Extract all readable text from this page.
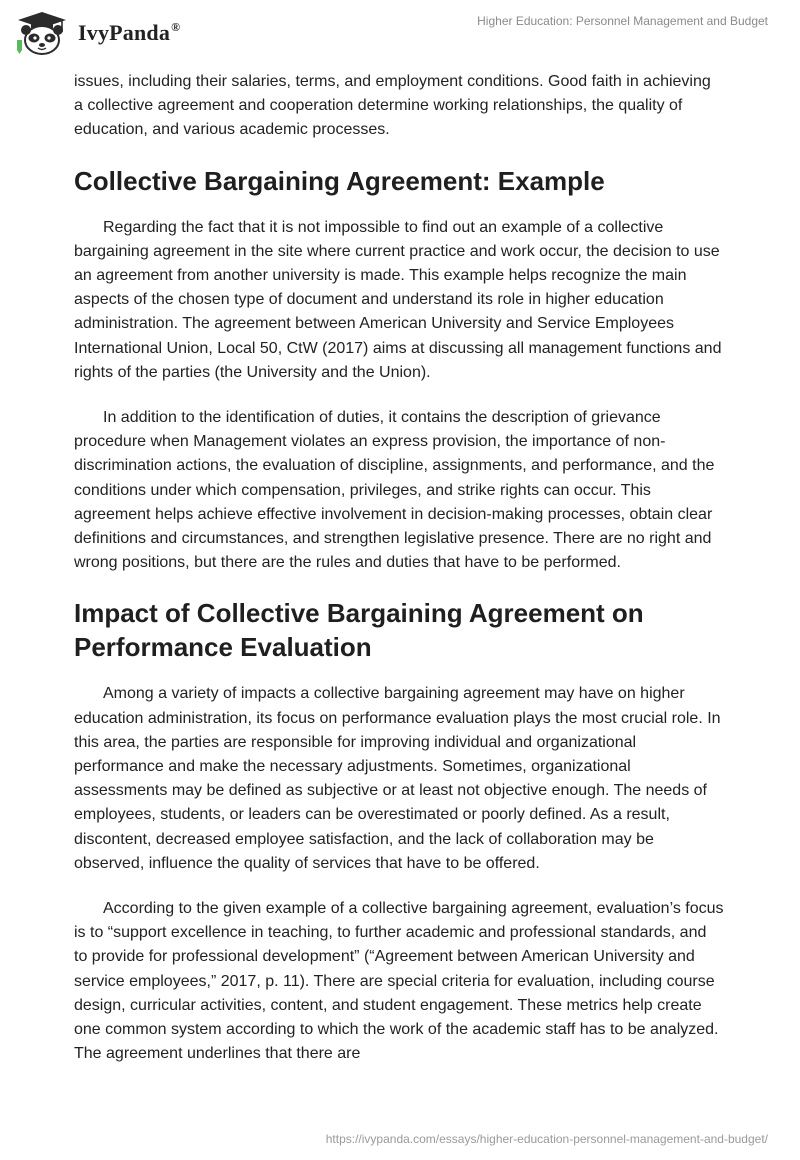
IvyPanda®	Higher Education: Personnel Management and Budget

issues, including their salaries, terms, and employment conditions. Good faith in achieving a collective agreement and cooperation determine working relationships, the quality of education, and various academic processes.

Collective Bargaining Agreement: Example

Regarding the fact that it is not impossible to find out an example of a collective bargaining agreement in the site where current practice and work occur, the decision to use an agreement from another university is made. This example helps recognize the main aspects of the chosen type of document and understand its role in higher education administration. The agreement between American University and Service Employees International Union, Local 50, CtW (2017) aims at discussing all management functions and rights of the parties (the University and the Union).

In addition to the identification of duties, it contains the description of grievance procedure when Management violates an express provision, the importance of non-discrimination actions, the evaluation of discipline, assignments, and performance, and the conditions under which compensation, privileges, and strike rights can occur. This agreement helps achieve effective involvement in decision-making processes, obtain clear definitions and circumstances, and strengthen legislative presence. There are no right and wrong positions, but there are the rules and duties that have to be performed.

Impact of Collective Bargaining Agreement on Performance Evaluation

Among a variety of impacts a collective bargaining agreement may have on higher education administration, its focus on performance evaluation plays the most crucial role. In this area, the parties are responsible for improving individual and organizational performance and make the necessary adjustments. Sometimes, organizational assessments may be defined as subjective or at least not objective enough. The needs of employees, students, or leaders can be overestimated or poorly defined. As a result, discontent, decreased employee satisfaction, and the lack of collaboration may be observed, influence the quality of services that have to be offered.

According to the given example of a collective bargaining agreement, evaluation’s focus is to “support excellence in teaching, to further academic and professional standards, and to provide for professional development” (“Agreement between American University and service employees,” 2017, p. 11). There are special criteria for evaluation, including course design, curricular activities, content, and student engagement. These metrics help create one common system according to which the work of the academic staff has to be analyzed. The agreement underlines that there are

https://ivypanda.com/essays/higher-education-personnel-management-and-budget/
